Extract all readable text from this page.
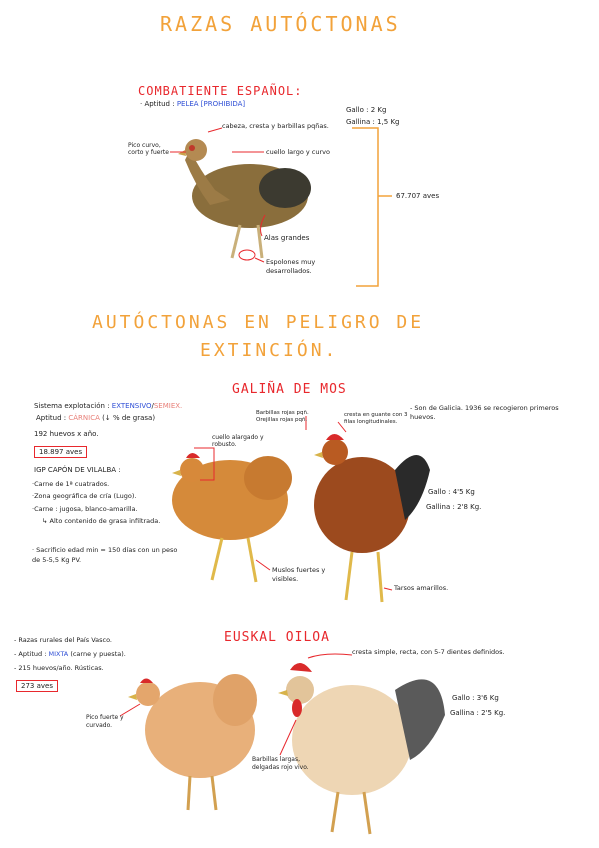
RAZAS AUTÓCTONAS
COMBATIENTE ESPAÑOL:
· Aptitud : PELEA [PROHIBIDA]
Gallo : 2 Kg
Gallina : 1,5 Kg
Pico curvo, corto y fuerte
cabeza, cresta y barbillas pqñas.
cuello largo y curvo
Alas grandes
Espolones muy desarrollados.
67.707 aves
AUTÓCTONAS EN PELIGRO DE
EXTINCIÓN.
GALIÑA DE MOS
Sistema explotación : EXTENSIVO/SEMIEX.
Aptitud : CÁRNICA (↓ % de grasa)
192 huevos x año.
18.897 aves
IGP CAPÓN DE VILALBA :
·Carne de 1ª cuatrados.
·Zona geográfica de cría (Lugo).
·Carne : jugosa, blanco-amarilla.
↳ Alto contenido de grasa infiltrada.
· Sacrificio edad min = 150 días con un peso de 5-5,5 Kg PV.
cuello alargado y robusto.
Barbillas rojas pqñ. Orejillas rojas pqñ.
cresta en guante con 3 filas longitudinales.
Muslos fuertes y visibles.
Tarsos amarillos.
- Son de Galicia. 1936 se recogieron primeros huevos.
Gallo : 4'5 Kg
Gallina : 2'8 Kg.
EUSKAL OILOA
- Razas rurales del País Vasco.
- Aptitud : MIXTA (carne y puesta).
- 215 huevos/año. Rústicas.
273 aves
Pico fuerte y curvado.
cresta simple, recta, con 5-7 dientes definidos.
Barbillas largas, delgadas rojo vivo.
Gallo : 3'6 Kg
Gallina : 2'5 Kg.
